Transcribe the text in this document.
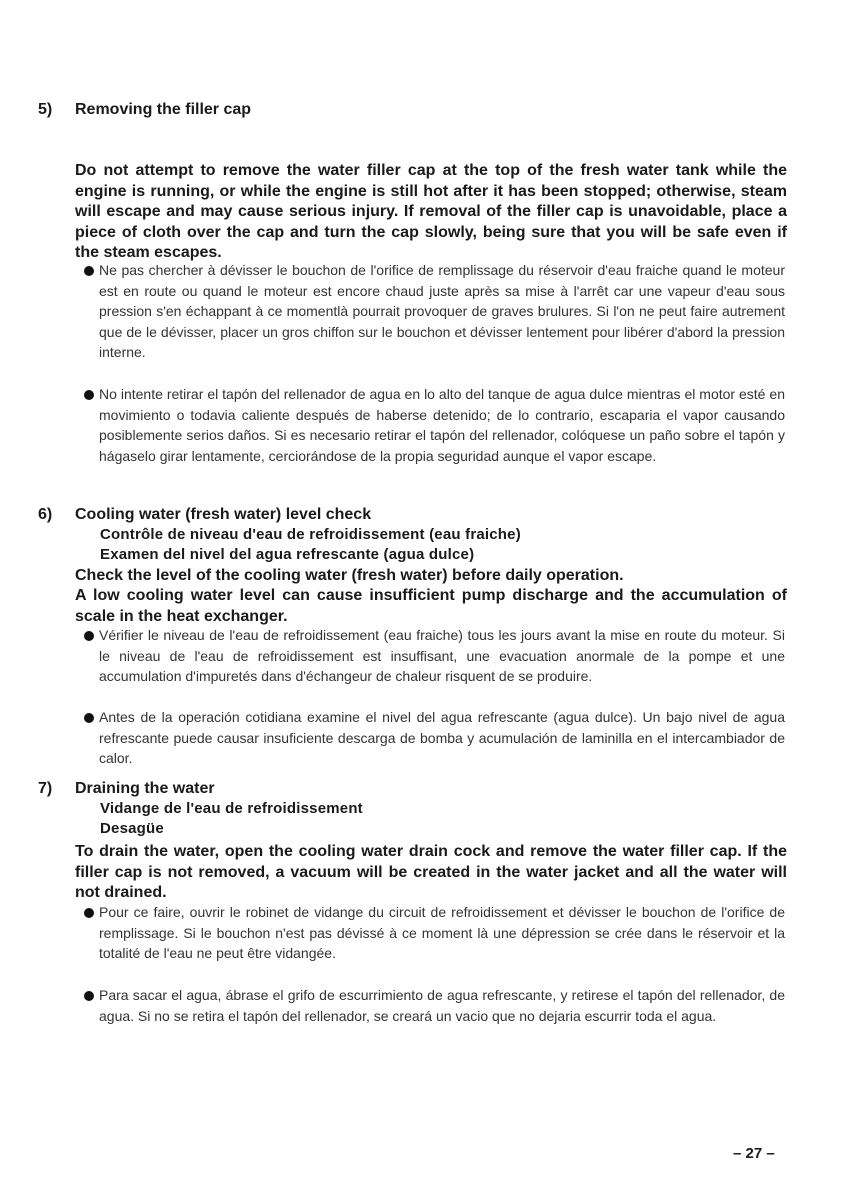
5) Removing the filler cap
Do not attempt to remove the water filler cap at the top of the fresh water tank while the engine is running, or while the engine is still hot after it has been stopped; otherwise, steam will escape and may cause serious injury. If removal of the filler cap is unavoidable, place a piece of cloth over the cap and turn the cap slowly, being sure that you will be safe even if the steam escapes.
Ne pas chercher à dévisser le bouchon de l'orifice de remplissage du réservoir d'eau fraiche quand le moteur est en route ou quand le moteur est encore chaud juste après sa mise à l'arrêt car une vapeur d'eau sous pression s'en échappant à ce momentlà pourrait provoquer de graves brulures. Si l'on ne peut faire autrement que de le dévisser, placer un gros chiffon sur le bouchon et dévisser lentement pour libérer d'abord la pression interne.
No intente retirar el tapón del rellenador de agua en lo alto del tanque de agua dulce mientras el motor esté en movimiento o todavia caliente después de haberse detenido; de lo contrario, escaparia el vapor causando posiblemente serios daños. Si es necesario retirar el tapón del rellenador, colóquese un paño sobre el tapón y hágaselo girar lentamente, cerciorándose de la propia seguridad aunque el vapor escape.
6) Cooling water (fresh water) level check
Contrôle de niveau d'eau de refroidissement (eau fraiche)
Examen del nivel del agua refrescante (agua dulce)
Check the level of the cooling water (fresh water) before daily operation.
A low cooling water level can cause insufficient pump discharge and the accumulation of scale in the heat exchanger.
Vérifier le niveau de l'eau de refroidissement (eau fraiche) tous les jours avant la mise en route du moteur. Si le niveau de l'eau de refroidissement est insuffisant, une evacuation anormale de la pompe et une accumulation d'impuretés dans d'échangeur de chaleur risquent de se produire.
Antes de la operación cotidiana examine el nivel del agua refrescante (agua dulce). Un bajo nivel de agua refrescante puede causar insuficiente descarga de bomba y acumulación de laminilla en el intercambiador de calor.
7) Draining the water
Vidange de l'eau de refroidissement
Desagüe
To drain the water, open the cooling water drain cock and remove the water filler cap. If the filler cap is not removed, a vacuum will be created in the water jacket and all the water will not drained.
Pour ce faire, ouvrir le robinet de vidange du circuit de refroidissement et dévisser le bouchon de l'orifice de remplissage. Si le bouchon n'est pas dévissé à ce moment là une dépression se crée dans le réservoir et la totalité de l'eau ne peut être vidangée.
Para sacar el agua, ábrase el grifo de escurrimiento de agua refrescante, y retirese el tapón del rellenador, de agua. Si no se retira el tapón del rellenador, se creará un vacio que no dejaria escurrir toda el agua.
– 27 –
